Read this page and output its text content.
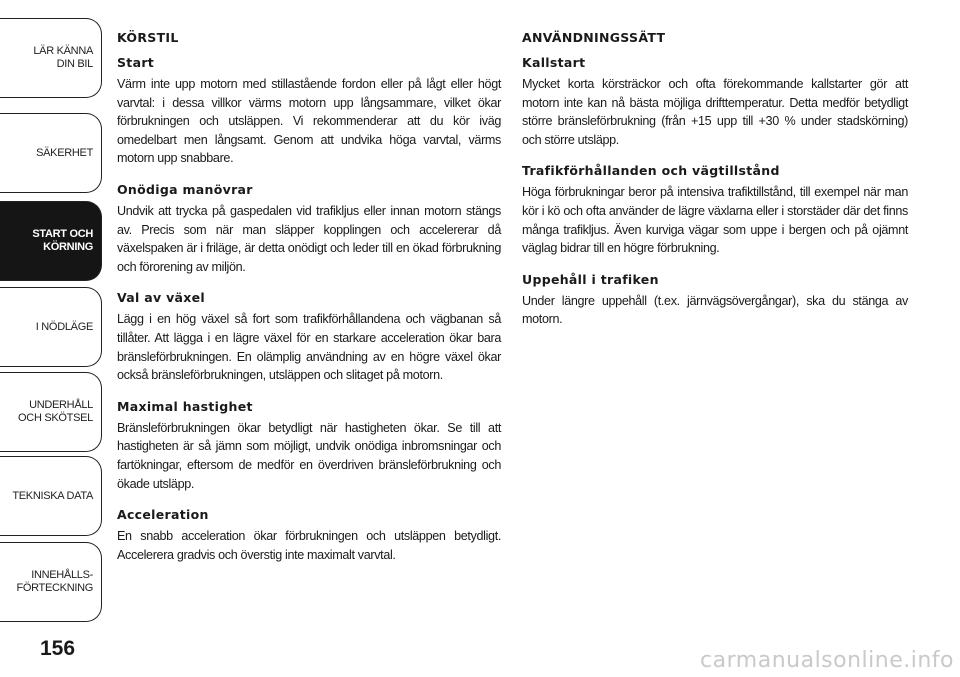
LÄR KÄNNA
DIN BIL
SÄKERHET
START OCH
KÖRNING
I NÖDLÄGE
UNDERHÅLL
OCH SKÖTSEL
TEKNISKA DATA
INNEHÅLLS-
FÖRTECKNING
156
KÖRSTIL
Start

Värm inte upp motorn med stillastående fordon eller på lågt eller högt varvtal: i dessa villkor värms motorn upp långsammare, vilket ökar förbrukningen och utsläppen. Vi rekommenderar att du kör iväg omedelbart men långsamt. Genom att undvika höga varvtal, värms motorn upp snabbare.

Onödiga manövrar

Undvik att trycka på gaspedalen vid trafikljus eller innan motorn stängs av. Precis som när man släpper kopplingen och accelererar då växelspaken är i friläge, är detta onödigt och leder till en ökad förbrukning och förorening av miljön.

Val av växel

Lägg i en hög växel så fort som trafikförhållandena och vägbanan så tillåter. Att lägga i en lägre växel för en starkare acceleration ökar bara bränsleförbrukningen. En olämplig användning av en högre växel ökar också bränsleförbrukningen, utsläppen och slitaget på motorn.

Maximal hastighet

Bränsleförbrukningen ökar betydligt när hastigheten ökar. Se till att hastigheten är så jämn som möjligt, undvik onödiga inbromsningar och fartökningar, eftersom de medför en överdriven bränsleförbrukning och ökade utsläpp.

Acceleration

En snabb acceleration ökar förbrukningen och utsläppen betydligt. Accelerera gradvis och överstig inte maximalt varvtal.

ANVÄNDNINGSSÄTT
Kallstart

Mycket korta körsträckor och ofta förekommande kallstarter gör att motorn inte kan nå bästa möjliga drifttemperatur. Detta medför betydligt större bränsleförbrukning (från +15 upp till +30 % under stadskörning) och större utsläpp.

Trafikförhållanden och vägtillstånd

Höga förbrukningar beror på intensiva trafiktillstånd, till exempel när man kör i kö och ofta använder de lägre växlarna eller i storstäder där det finns många trafikljus. Även kurviga vägar som uppe i bergen och på ojämnt väglag bidrar till en högre förbrukning.

Uppehåll i trafiken

Under längre uppehåll (t.ex. järnvägsövergångar), ska du stänga av motorn.

carmanualsonline.info
